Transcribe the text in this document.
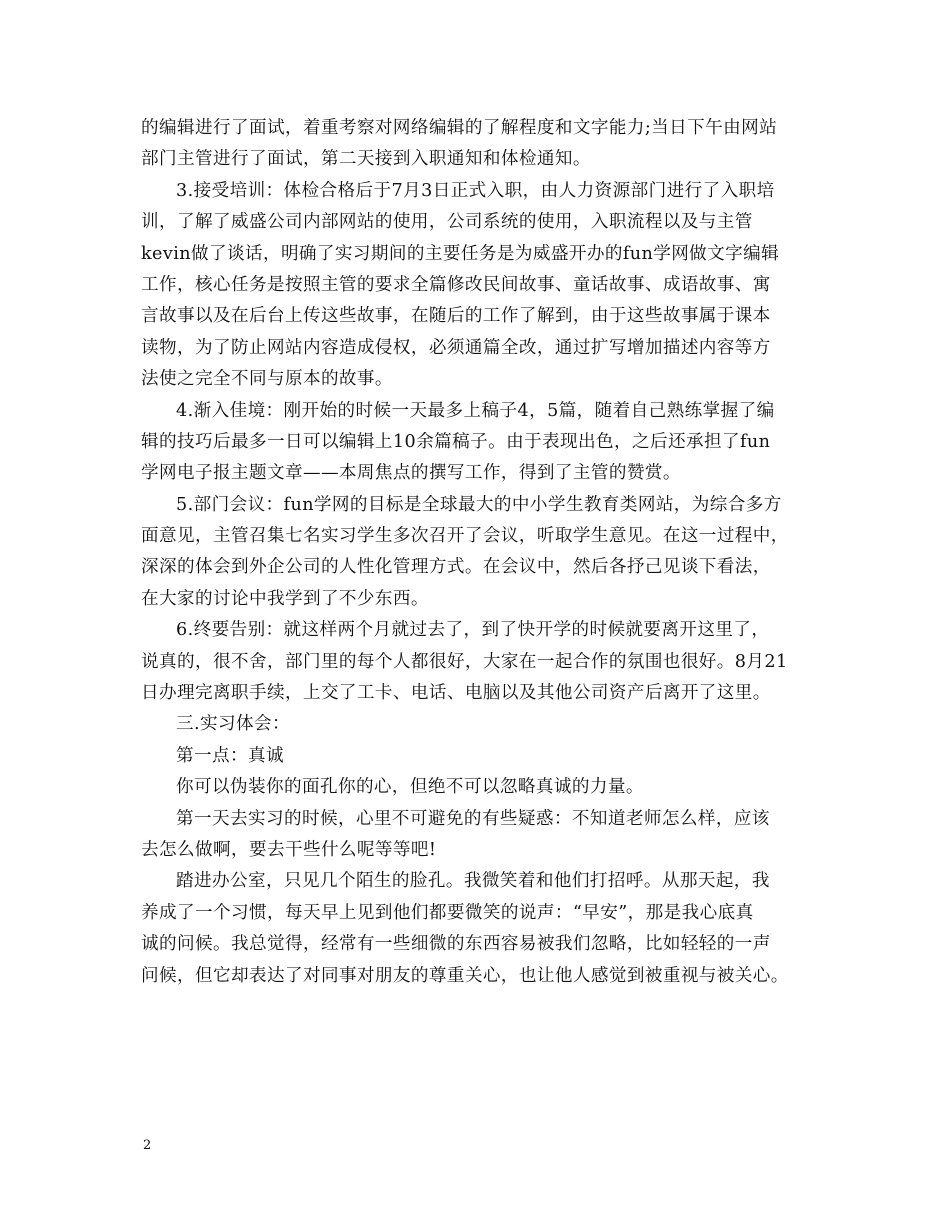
的编辑进行了面试，着重考察对网络编辑的了解程度和文字能力;当日下午由网站
部门主管进行了面试，第二天接到入职通知和体检通知。
3.接受培训：体检合格后于7月3日正式入职，由人力资源部门进行了入职培
训，了解了威盛公司内部网站的使用，公司系统的使用，入职流程以及与主管
kevin做了谈话，明确了实习期间的主要任务是为威盛开办的fun学网做文字编辑
工作，核心任务是按照主管的要求全篇修改民间故事、童话故事、成语故事、寓
言故事以及在后台上传这些故事，在随后的工作了解到，由于这些故事属于课本
读物，为了防止网站内容造成侵权，必须通篇全改，通过扩写增加描述内容等方
法使之完全不同与原本的故事。
4.渐入佳境：刚开始的时候一天最多上稿子4，5篇，随着自己熟练掌握了编
辑的技巧后最多一日可以编辑上10余篇稿子。由于表现出色，之后还承担了fun
学网电子报主题文章——本周焦点的撰写工作，得到了主管的赞赏。
5.部门会议：fun学网的目标是全球最大的中小学生教育类网站，为综合多方
面意见，主管召集七名实习学生多次召开了会议，听取学生意见。在这一过程中，
深深的体会到外企公司的人性化管理方式。在会议中，然后各抒己见谈下看法，
在大家的讨论中我学到了不少东西。
6.终要告别：就这样两个月就过去了，到了快开学的时候就要离开这里了，
说真的，很不舍，部门里的每个人都很好，大家在一起合作的氛围也很好。8月21
日办理完离职手续，上交了工卡、电话、电脑以及其他公司资产后离开了这里。
三.实习体会：
第一点：真诚
你可以伪装你的面孔你的心，但绝不可以忽略真诚的力量。
第一天去实习的时候，心里不可避免的有些疑惑：不知道老师怎么样，应该
去怎么做啊，要去干些什么呢等等吧!
踏进办公室，只见几个陌生的脸孔。我微笑着和他们打招呼。从那天起，我
养成了一个习惯，每天早上见到他们都要微笑的说声：“早安”，那是我心底真
诚的问候。我总觉得，经常有一些细微的东西容易被我们忽略，比如轻轻的一声
问候，但它却表达了对同事对朋友的尊重关心，也让他人感觉到被重视与被关心。
2
